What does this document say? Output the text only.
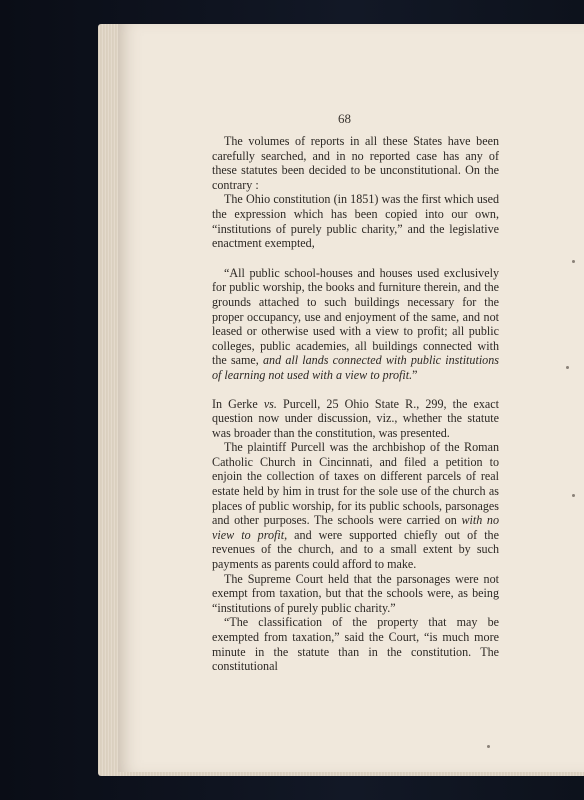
68

The volumes of reports in all these States have been carefully searched, and in no reported case has any of these statutes been decided to be unconstitutional. On the contrary :

The Ohio constitution (in 1851) was the first which used the expression which has been copied into our own, “institutions of purely public charity,” and the legislative enactment exempted,

“All public school-houses and houses used exclusively for public worship, the books and furniture therein, and the grounds attached to such buildings necessary for the proper occupancy, use and enjoyment of the same, and not leased or otherwise used with a view to profit; all public colleges, public academies, all buildings connected with the same, and all lands connected with public institutions of learning not used with a view to profit.”

In Gerke vs. Purcell, 25 Ohio State R., 299, the exact question now under discussion, viz., whether the statute was broader than the constitution, was presented.

The plaintiff Purcell was the archbishop of the Roman Catholic Church in Cincinnati, and filed a petition to enjoin the collection of taxes on different parcels of real estate held by him in trust for the sole use of the church as places of public worship, for its public schools, parsonages and other purposes. The schools were carried on with no view to profit, and were supported chiefly out of the revenues of the church, and to a small extent by such payments as parents could afford to make.

The Supreme Court held that the parsonages were not exempt from taxation, but that the schools were, as being “institutions of purely public charity.”

“The classification of the property that may be exempted from taxation,” said the Court, “is much more minute in the statute than in the constitution. The constitutional
